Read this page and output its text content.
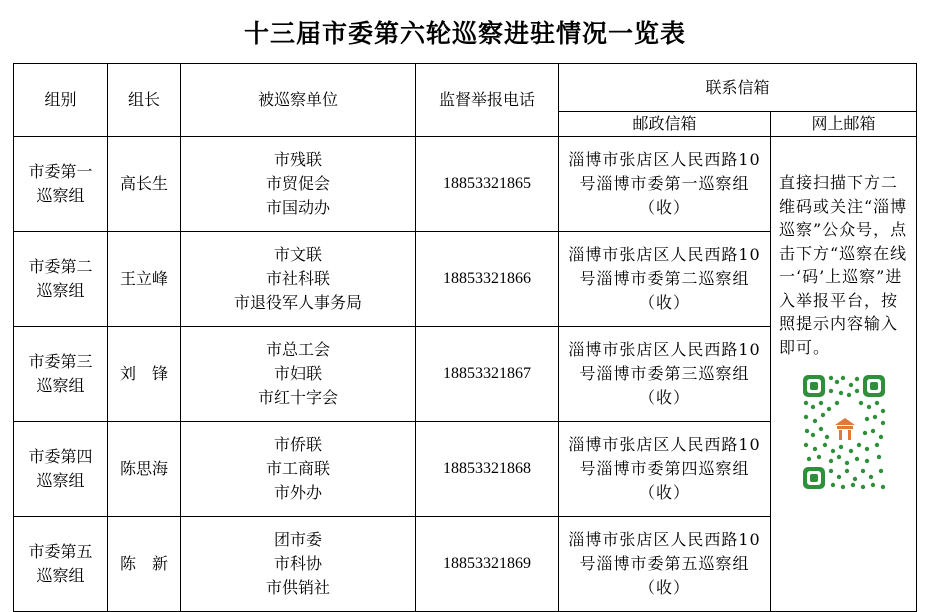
十三届市委第六轮巡察进驻情况一览表
组别	组长	被巡察单位	监督举报电话	联系信箱	
				邮政信箱	网上邮箱
市委第一巡察组	高长生	市残联
市贸促会
市国动办	18853321865	淄博市张店区人民西路10号淄博市委第一巡察组（收）	直接扫描下方二维码或关注“淄博巡察”公众号，点击下方“巡察在线一‘码’上巡察”进入举报平台，按照提示内容输入即可。

市委第二巡察组	王立峰	市文联
市社科联
市退役军人事务局	18853321866	淄博市张店区人民西路10号淄博市委第二巡察组（收）	
市委第三巡察组	刘　锋	市总工会
市妇联
市红十字会	18853321867	淄博市张店区人民西路10号淄博市委第三巡察组（收）	
市委第四巡察组	陈思海	市侨联
市工商联
市外办	18853321868	淄博市张店区人民西路10号淄博市委第四巡察组（收）	
市委第五巡察组	陈　新	团市委
市科协
市供销社	18853321869	淄博市张店区人民西路10号淄博市委第五巡察组（收）	
